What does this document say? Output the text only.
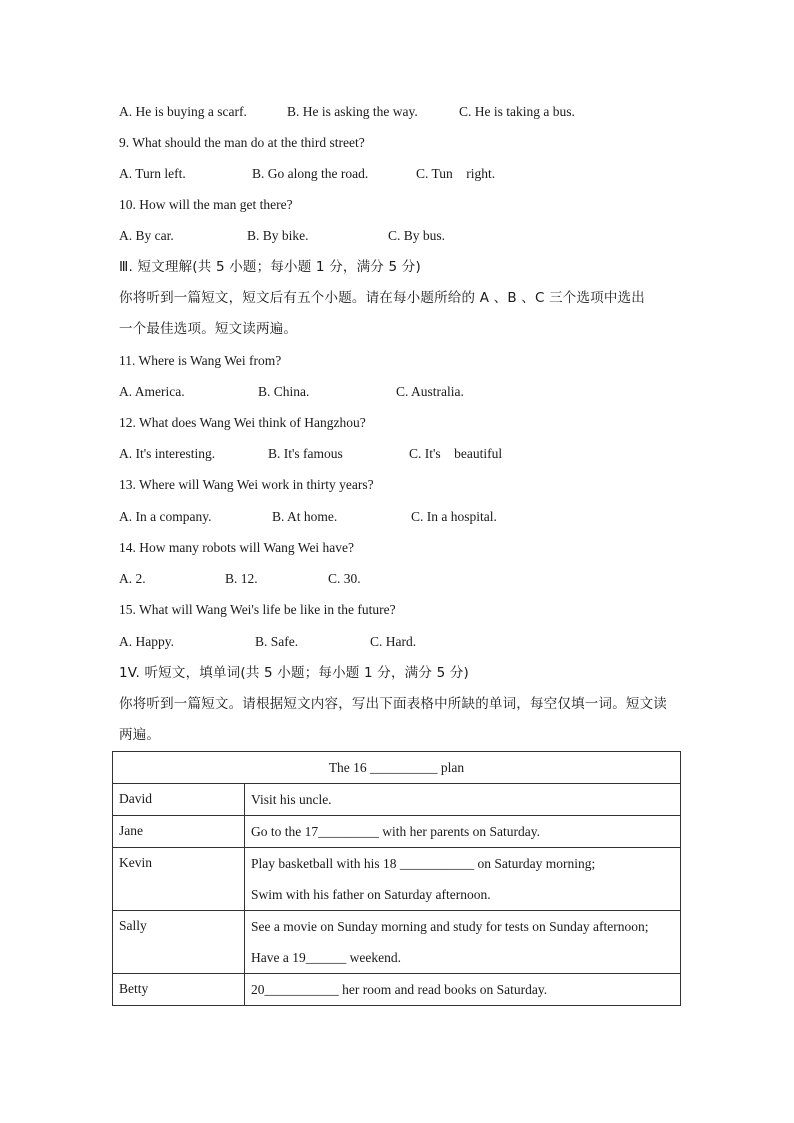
A. He is buying a scarf.	B. He is asking the way.	C. He is taking a bus.
9. What should the man do at the third street?
A. Turn left.	B. Go along the road.	C. Tun    right.
10. How will the man get there?
A. By car.	B. By bike.	C. By bus.
Ⅲ. 短文理解(共 5 小题；每小题 1 分，满分 5 分)
你将听到一篇短文，短文后有五个小题。请在每小题所给的 A 、B 、C 三个选项中选出
一个最佳选项。短文读两遍。
11. Where is Wang Wei from?
A. America.	B. China.	C. Australia.
12. What does Wang Wei think of Hangzhou?
A. It's interesting.	B. It's famous	C. It's    beautiful
13. Where will Wang Wei work in thirty years?
A. In a company.	B. At home.	C. In a hospital.
14. How many robots will Wang Wei have?
A. 2.	B. 12.	C. 30.
15. What will Wang Wei's life be like in the future?
A. Happy.	B. Safe.	C. Hard.
1V. 听短文，填单词(共 5 小题；每小题 1 分，满分 5 分)
你将听到一篇短文。请根据短文内容，写出下面表格中所缺的单词，每空仅填一词。短文读
两遍。
The 16 __________ plan	
David	Visit his uncle.

Jane	Go to the 17_________ with her parents on Saturday.

Kevin	Play basketball with his 18 ___________ on Saturday morning;
Swim with his father on Saturday afternoon.

Sally	See a movie on Sunday morning and study for tests on Sunday afternoon;
Have a 19______ weekend.

Betty	20___________ her room and read books on Saturday.
